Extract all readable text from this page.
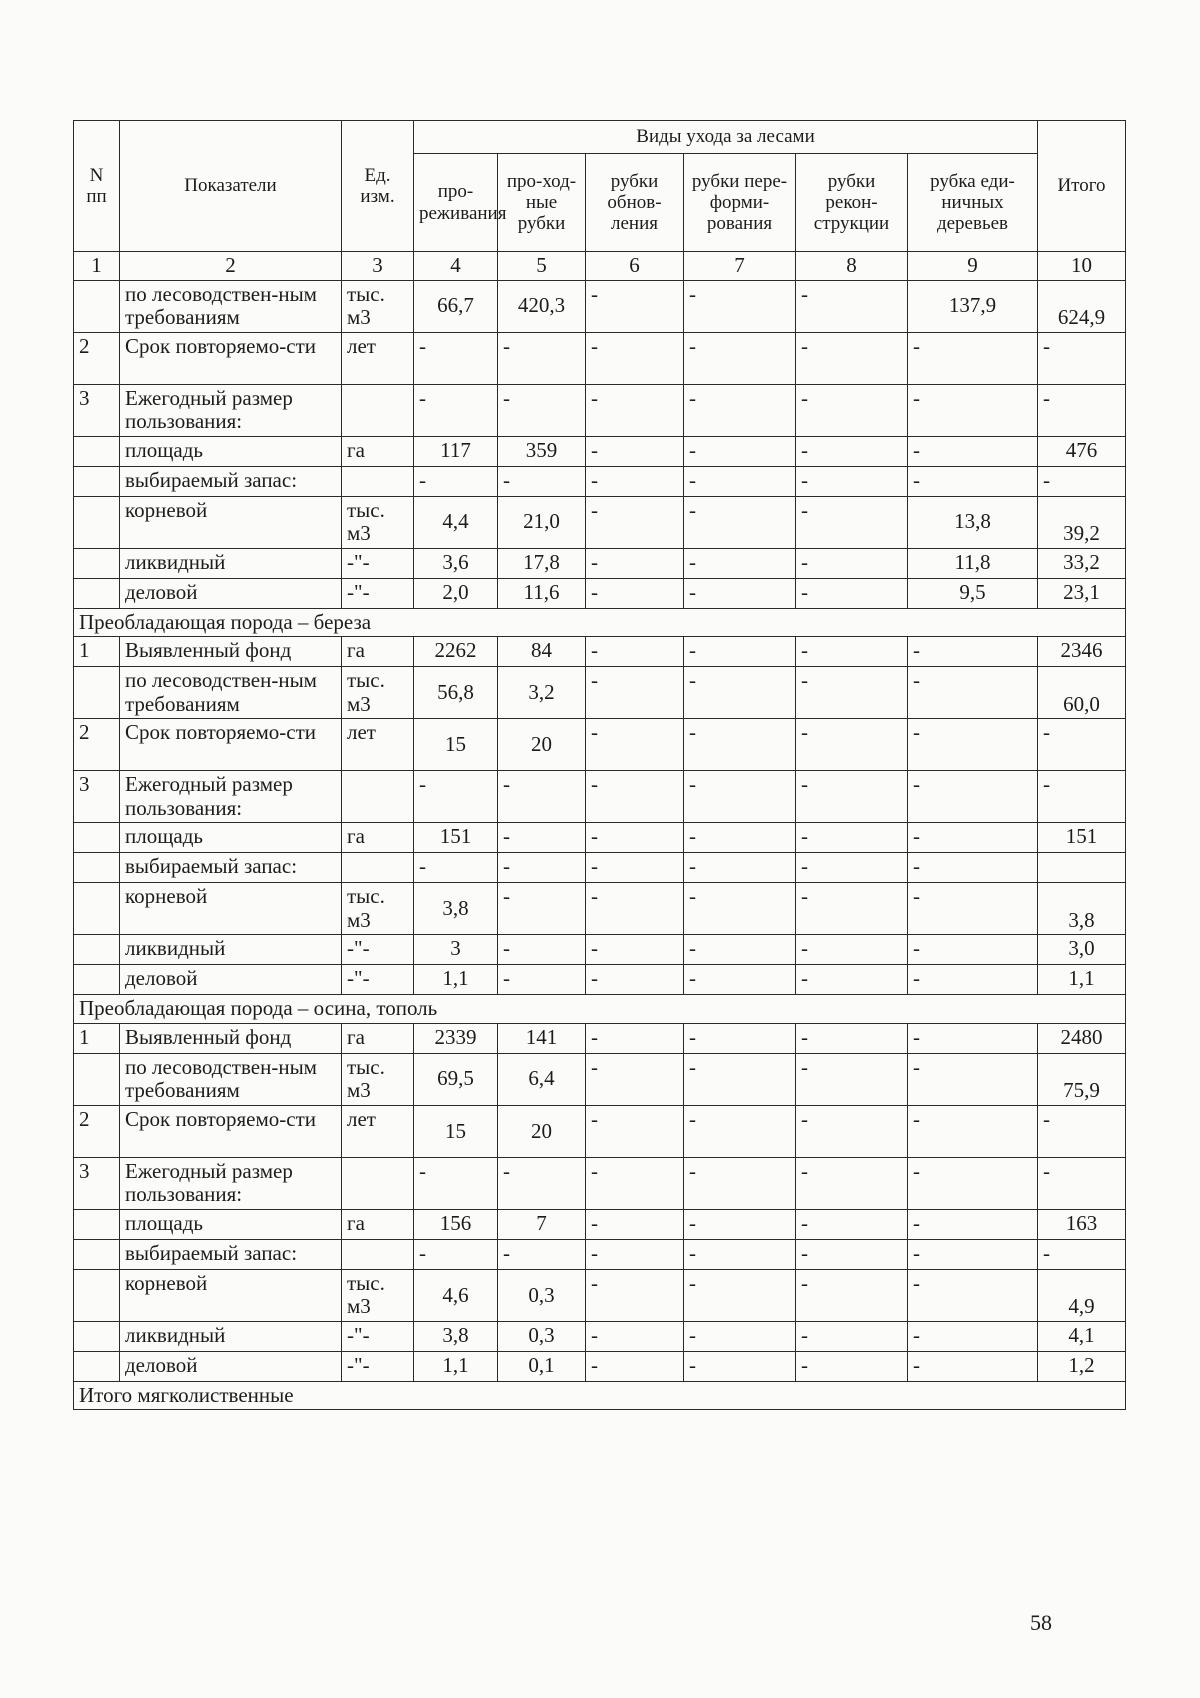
N пп	Показатели	Ед. изм.	Виды ухода за лесами						Итого
			про-реживания	про-ход-ные рубки	рубки обнов-ления	рубки пере-форми-рования	рубки рекон-струкции	рубка еди-ничных деревьев	
1	2	3	4	5	6	7	8	9	10
	по лесоводствен-ным требованиям	тыс. м3	66,7	420,3	-	-	-	137,9	624,9
2	Срок повторяемо-сти	лет	-	-	-	-	-	-	-
3	Ежегодный размер пользования:		-	-	-	-	-	-	-
	площадь	га	117	359	-	-	-	-	476
	выбираемый запас:		-	-	-	-	-	-	-
	корневой	тыс. м3	4,4	21,0	-	-	-	13,8	39,2
	ликвидный	-"-	3,6	17,8	-	-	-	11,8	33,2
	деловой	-"-	2,0	11,6	-	-	-	9,5	23,1
Преобладающая порода – береза									
1	Выявленный фонд	га	2262	84	-	-	-	-	2346
	по лесоводствен-ным требованиям	тыс. м3	56,8	3,2	-	-	-	-	60,0
2	Срок повторяемо-сти	лет	15	20	-	-	-	-	-
3	Ежегодный размер пользования:		-	-	-	-	-	-	-
	площадь	га	151	-	-	-	-	-	151
	выбираемый запас:		-	-	-	-	-	-	
	корневой	тыс. м3	3,8	-	-	-	-	-	3,8
	ликвидный	-"-	3	-	-	-	-	-	3,0
	деловой	-"-	1,1	-	-	-	-	-	1,1
Преобладающая порода – осина, тополь									
1	Выявленный фонд	га	2339	141	-	-	-	-	2480
	по лесоводствен-ным требованиям	тыс. м3	69,5	6,4	-	-	-	-	75,9
2	Срок повторяемо-сти	лет	15	20	-	-	-	-	-
3	Ежегодный размер пользования:		-	-	-	-	-	-	-
	площадь	га	156	7	-	-	-	-	163
	выбираемый запас:		-	-	-	-	-	-	-
	корневой	тыс. м3	4,6	0,3	-	-	-	-	4,9
	ликвидный	-"-	3,8	0,3	-	-	-	-	4,1
	деловой	-"-	1,1	0,1	-	-	-	-	1,2
Итого мягколиственные									
58
